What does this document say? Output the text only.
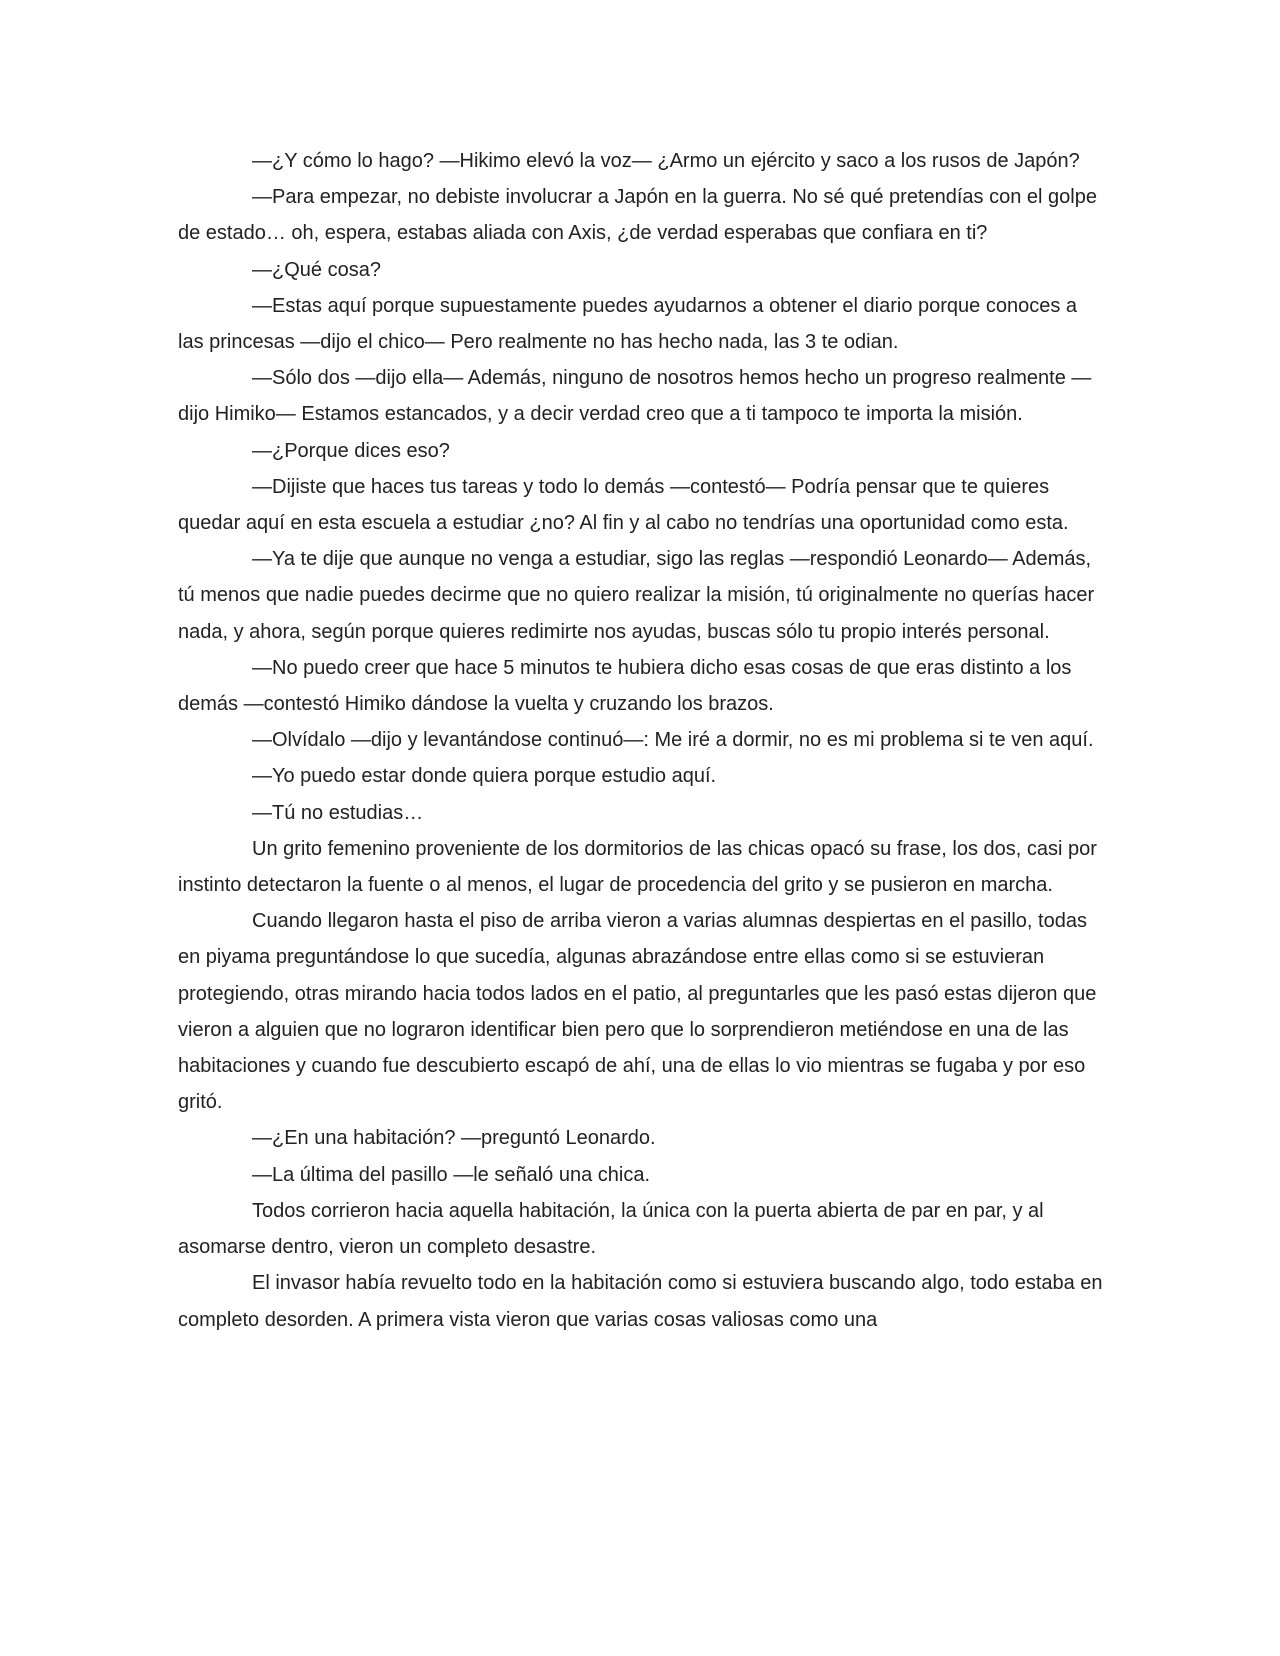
—¿Y cómo lo hago? —Hikimo elevó la voz— ¿Armo un ejército y saco a los rusos de Japón?

—Para empezar, no debiste involucrar a Japón en la guerra. No sé qué pretendías con el golpe de estado… oh, espera, estabas aliada con Axis, ¿de verdad esperabas que confiara en ti?

—¿Qué cosa?

—Estas aquí porque supuestamente puedes ayudarnos a obtener el diario porque conoces a las princesas —dijo el chico— Pero realmente no has hecho nada, las 3 te odian.

—Sólo dos —dijo ella— Además, ninguno de nosotros hemos hecho un progreso realmente —dijo Himiko— Estamos estancados, y a decir verdad creo que a ti tampoco te importa la misión.

—¿Porque dices eso?

—Dijiste que haces tus tareas y todo lo demás —contestó— Podría pensar que te quieres quedar aquí en esta escuela a estudiar ¿no? Al fin y al cabo no tendrías una oportunidad como esta.

—Ya te dije que aunque no venga a estudiar, sigo las reglas —respondió Leonardo— Además, tú menos que nadie puedes decirme que no quiero realizar la misión, tú originalmente no querías hacer nada, y ahora, según porque quieres redimirte nos ayudas, buscas sólo tu propio interés personal.

—No puedo creer que hace 5 minutos te hubiera dicho esas cosas de que eras distinto a los demás —contestó Himiko dándose la vuelta y cruzando los brazos.

—Olvídalo —dijo y levantándose continuó—: Me iré a dormir, no es mi problema si te ven aquí.

—Yo puedo estar donde quiera porque estudio aquí.

—Tú no estudias…

Un grito femenino proveniente de los dormitorios de las chicas opacó su frase, los dos, casi por instinto detectaron la fuente o al menos, el lugar de procedencia del grito y se pusieron en marcha.

Cuando llegaron hasta el piso de arriba vieron a varias alumnas despiertas en el pasillo, todas en piyama preguntándose lo que sucedía, algunas abrazándose entre ellas como si se estuvieran protegiendo, otras mirando hacia todos lados en el patio, al preguntarles que les pasó estas dijeron que vieron a alguien que no lograron identificar bien pero que lo sorprendieron metiéndose en una de las habitaciones y cuando fue descubierto escapó de ahí, una de ellas lo vio mientras se fugaba y por eso gritó.

—¿En una habitación? —preguntó Leonardo.

—La última del pasillo —le señaló una chica.

Todos corrieron hacia aquella habitación, la única con la puerta abierta de par en par, y al asomarse dentro, vieron un completo desastre.

El invasor había revuelto todo en la habitación como si estuviera buscando algo, todo estaba en completo desorden. A primera vista vieron que varias cosas valiosas como una
